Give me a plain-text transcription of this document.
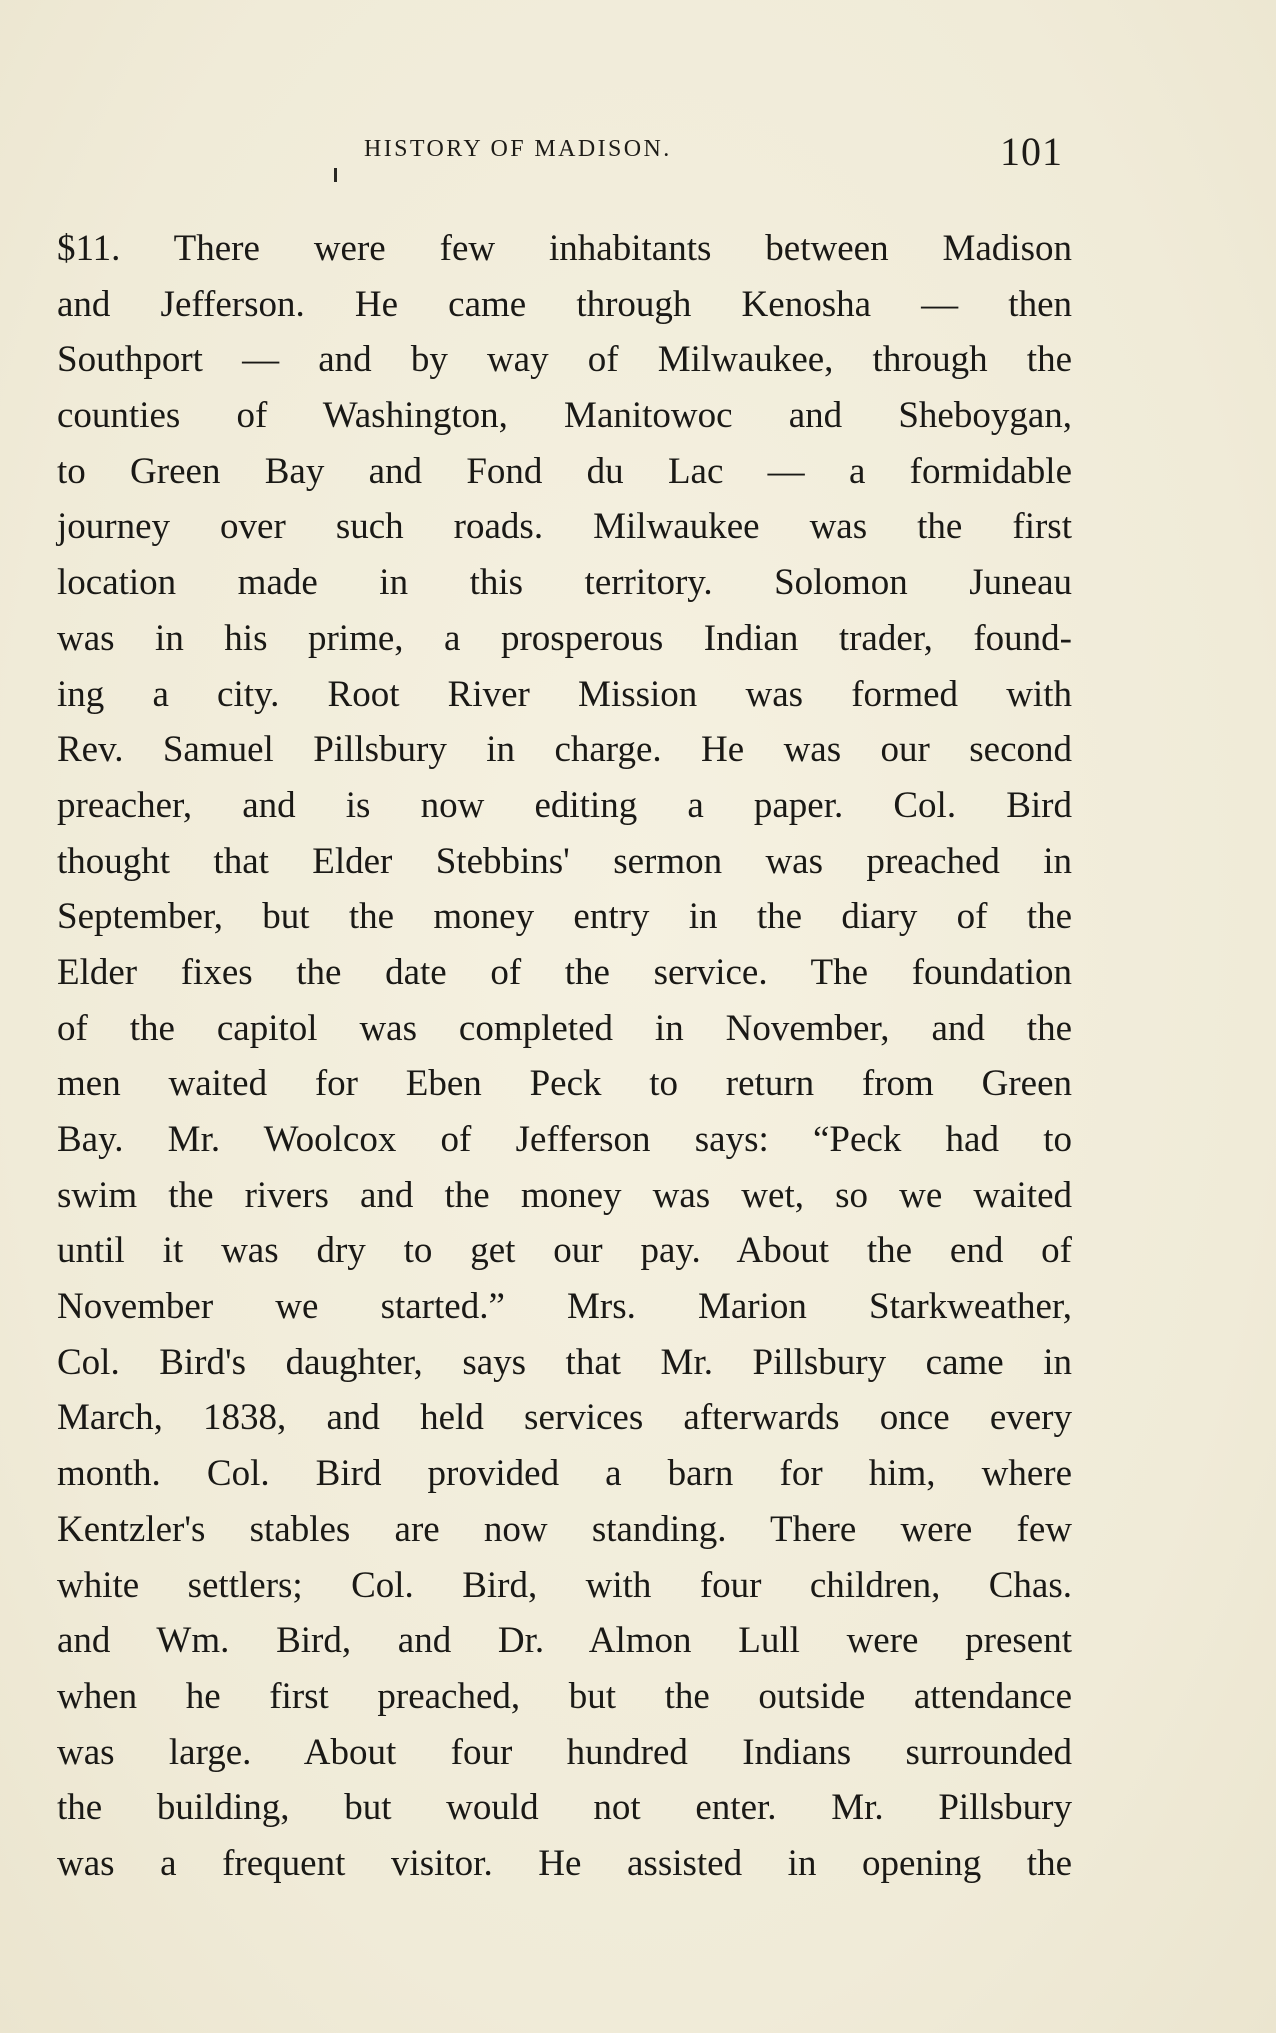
HISTORY OF MADISON.	101
$11. There were few inhabitants between Madison
and Jefferson. He came through Kenosha — then
Southport — and by way of Milwaukee, through the
counties of Washington, Manitowoc and Sheboygan,
to Green Bay and Fond du Lac — a formidable
journey over such roads. Milwaukee was the first
location made in this territory. Solomon Juneau
was in his prime, a prosperous Indian trader, found-
ing a city. Root River Mission was formed with
Rev. Samuel Pillsbury in charge. He was our second
preacher, and is now editing a paper. Col. Bird
thought that Elder Stebbins' sermon was preached in
September, but the money entry in the diary of the
Elder fixes the date of the service. The foundation
of the capitol was completed in November, and the
men waited for Eben Peck to return from Green
Bay. Mr. Woolcox of Jefferson says: “Peck had to
swim the rivers and the money was wet, so we waited
until it was dry to get our pay. About the end of
November we started.” Mrs. Marion Starkweather,
Col. Bird's daughter, says that Mr. Pillsbury came in
March, 1838, and held services afterwards once every
month. Col. Bird provided a barn for him, where
Kentzler's stables are now standing. There were few
white settlers; Col. Bird, with four children, Chas.
and Wm. Bird, and Dr. Almon Lull were present
when he first preached, but the outside attendance
was large. About four hundred Indians surrounded
the building, but would not enter. Mr. Pillsbury
was a frequent visitor. He assisted in opening the
